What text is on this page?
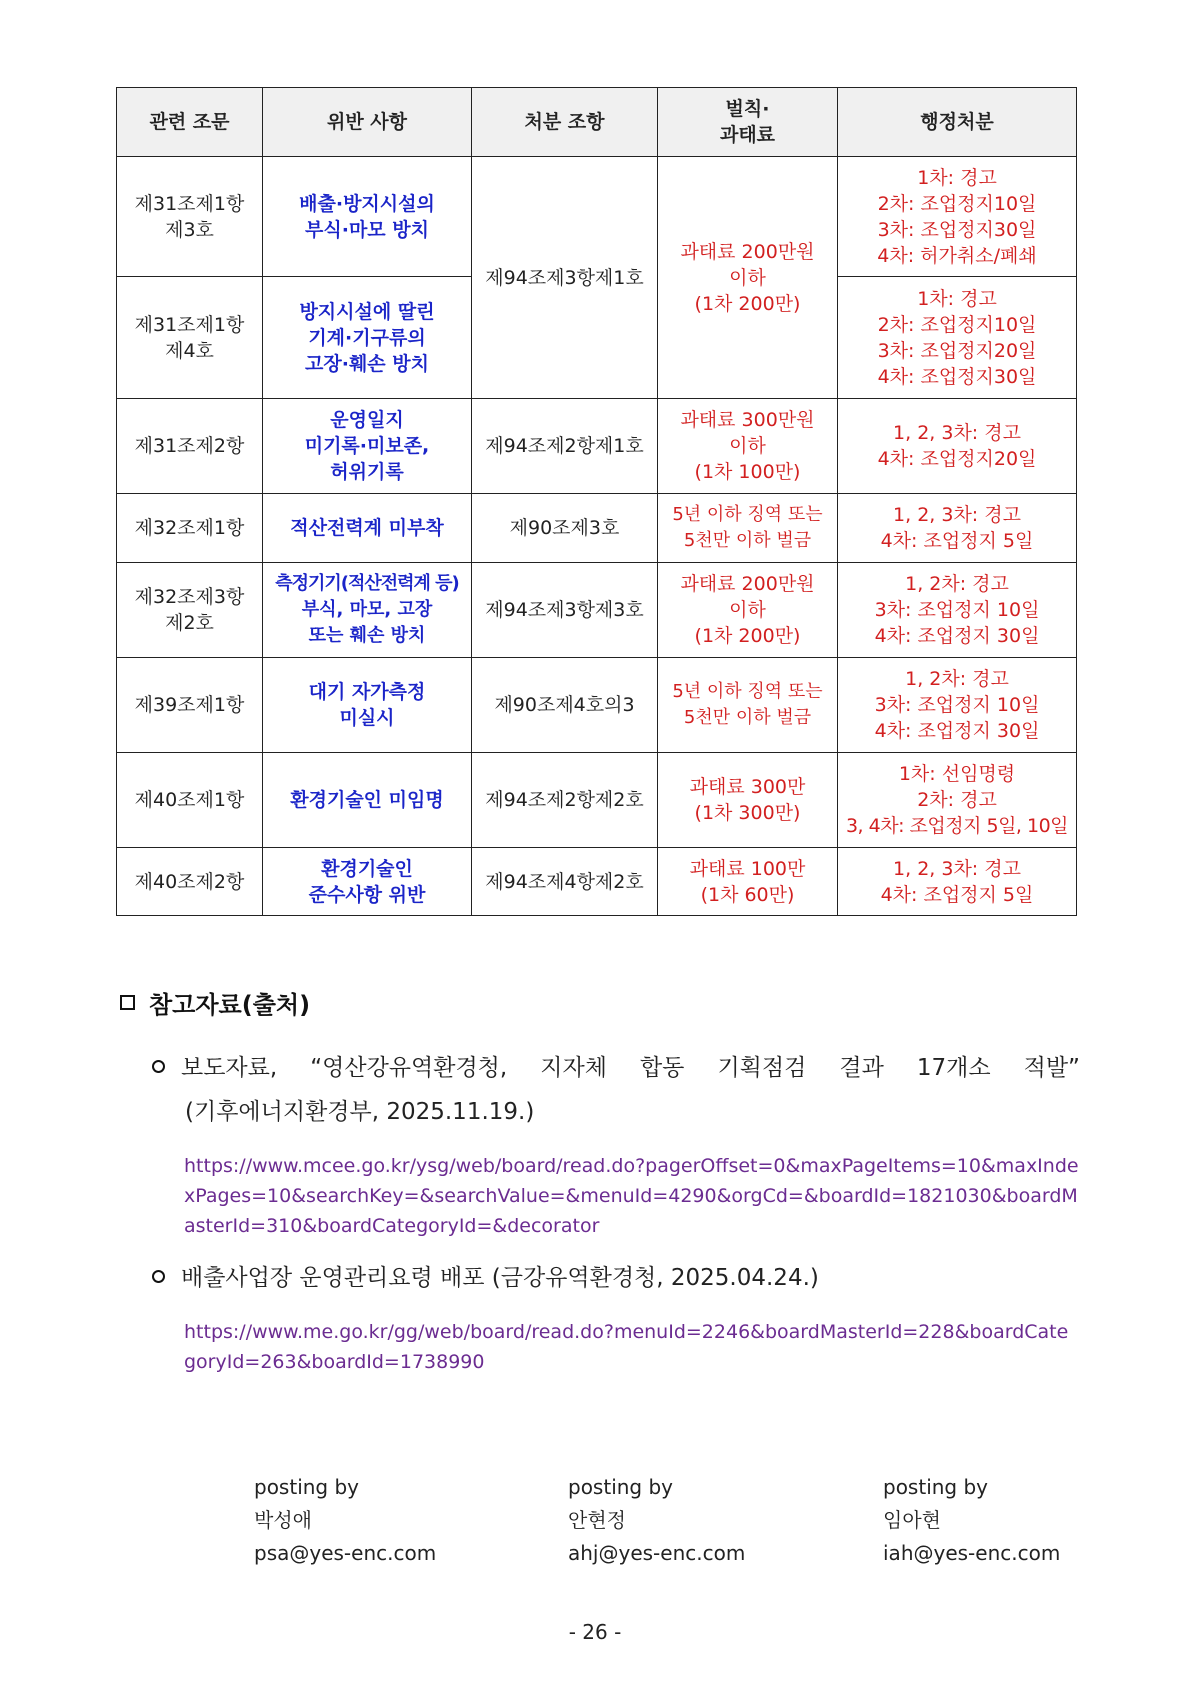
관련 조문	위반 사항	처분 조항	벌칙·
과태료	행정처분

제31조제1항
제3호	배출·방지시설의
부식·마모 방치	제94조제3항제1호	과태료 200만원
이하
(1차 200만)	1차: 경고
2차: 조업정지10일
3차: 조업정지30일
4차: 허가취소/폐쇄

제31조제1항
제4호	방지시설에 딸린
기계·기구류의
고장·훼손 방치			1차: 경고
2차: 조업정지10일
3차: 조업정지20일
4차: 조업정지30일

제31조제2항	운영일지
미기록·미보존,
허위기록	제94조제2항제1호	과태료 300만원
이하
(1차 100만)	1, 2, 3차: 경고
4차: 조업정지20일

제32조제1항	적산전력계 미부착	제90조제3호	5년 이하 징역 또는
5천만 이하 벌금	1, 2, 3차: 경고
4차: 조업정지 5일

제32조제3항
제2호	측정기기(적산전력계 등)
부식, 마모, 고장
또는 훼손 방치	제94조제3항제3호	과태료 200만원
이하
(1차 200만)	1, 2차: 경고
3차: 조업정지 10일
4차: 조업정지 30일

제39조제1항	대기 자가측정
미실시	제90조제4호의3	5년 이하 징역 또는
5천만 이하 벌금	1, 2차: 경고
3차: 조업정지 10일
4차: 조업정지 30일

제40조제1항	환경기술인 미임명	제94조제2항제2호	과태료 300만
(1차 300만)	1차: 선임명령
2차: 경고
3, 4차: 조업정지 5일, 10일

제40조제2항	환경기술인
준수사항 위반	제94조제4항제2호	과태료 100만
(1차 60만)	1, 2, 3차: 경고
4차: 조업정지 5일
참고자료(출처)
보도자료, “영산강유역환경청, 지자체 합동 기획점검 결과 17개소 적발”
(기후에너지환경부, 2025.11.19.)
https://www.mcee.go.kr/ysg/web/board/read.do?pagerOffset=0&maxPageItems=10&maxIndexPages=10&searchKey=&searchValue=&menuId=4290&orgCd=&boardId=1821030&boardMasterId=310&boardCategoryId=&decorator
배출사업장 운영관리요령 배포 (금강유역환경청, 2025.04.24.)
https://www.me.go.kr/gg/web/board/read.do?menuId=2246&boardMasterId=228&boardCategoryId=263&boardId=1738990
posting by
박성애
psa@yes-enc.com
posting by
안현정
ahj@yes-enc.com
posting by
임아현
iah@yes-enc.com
- 26 -
